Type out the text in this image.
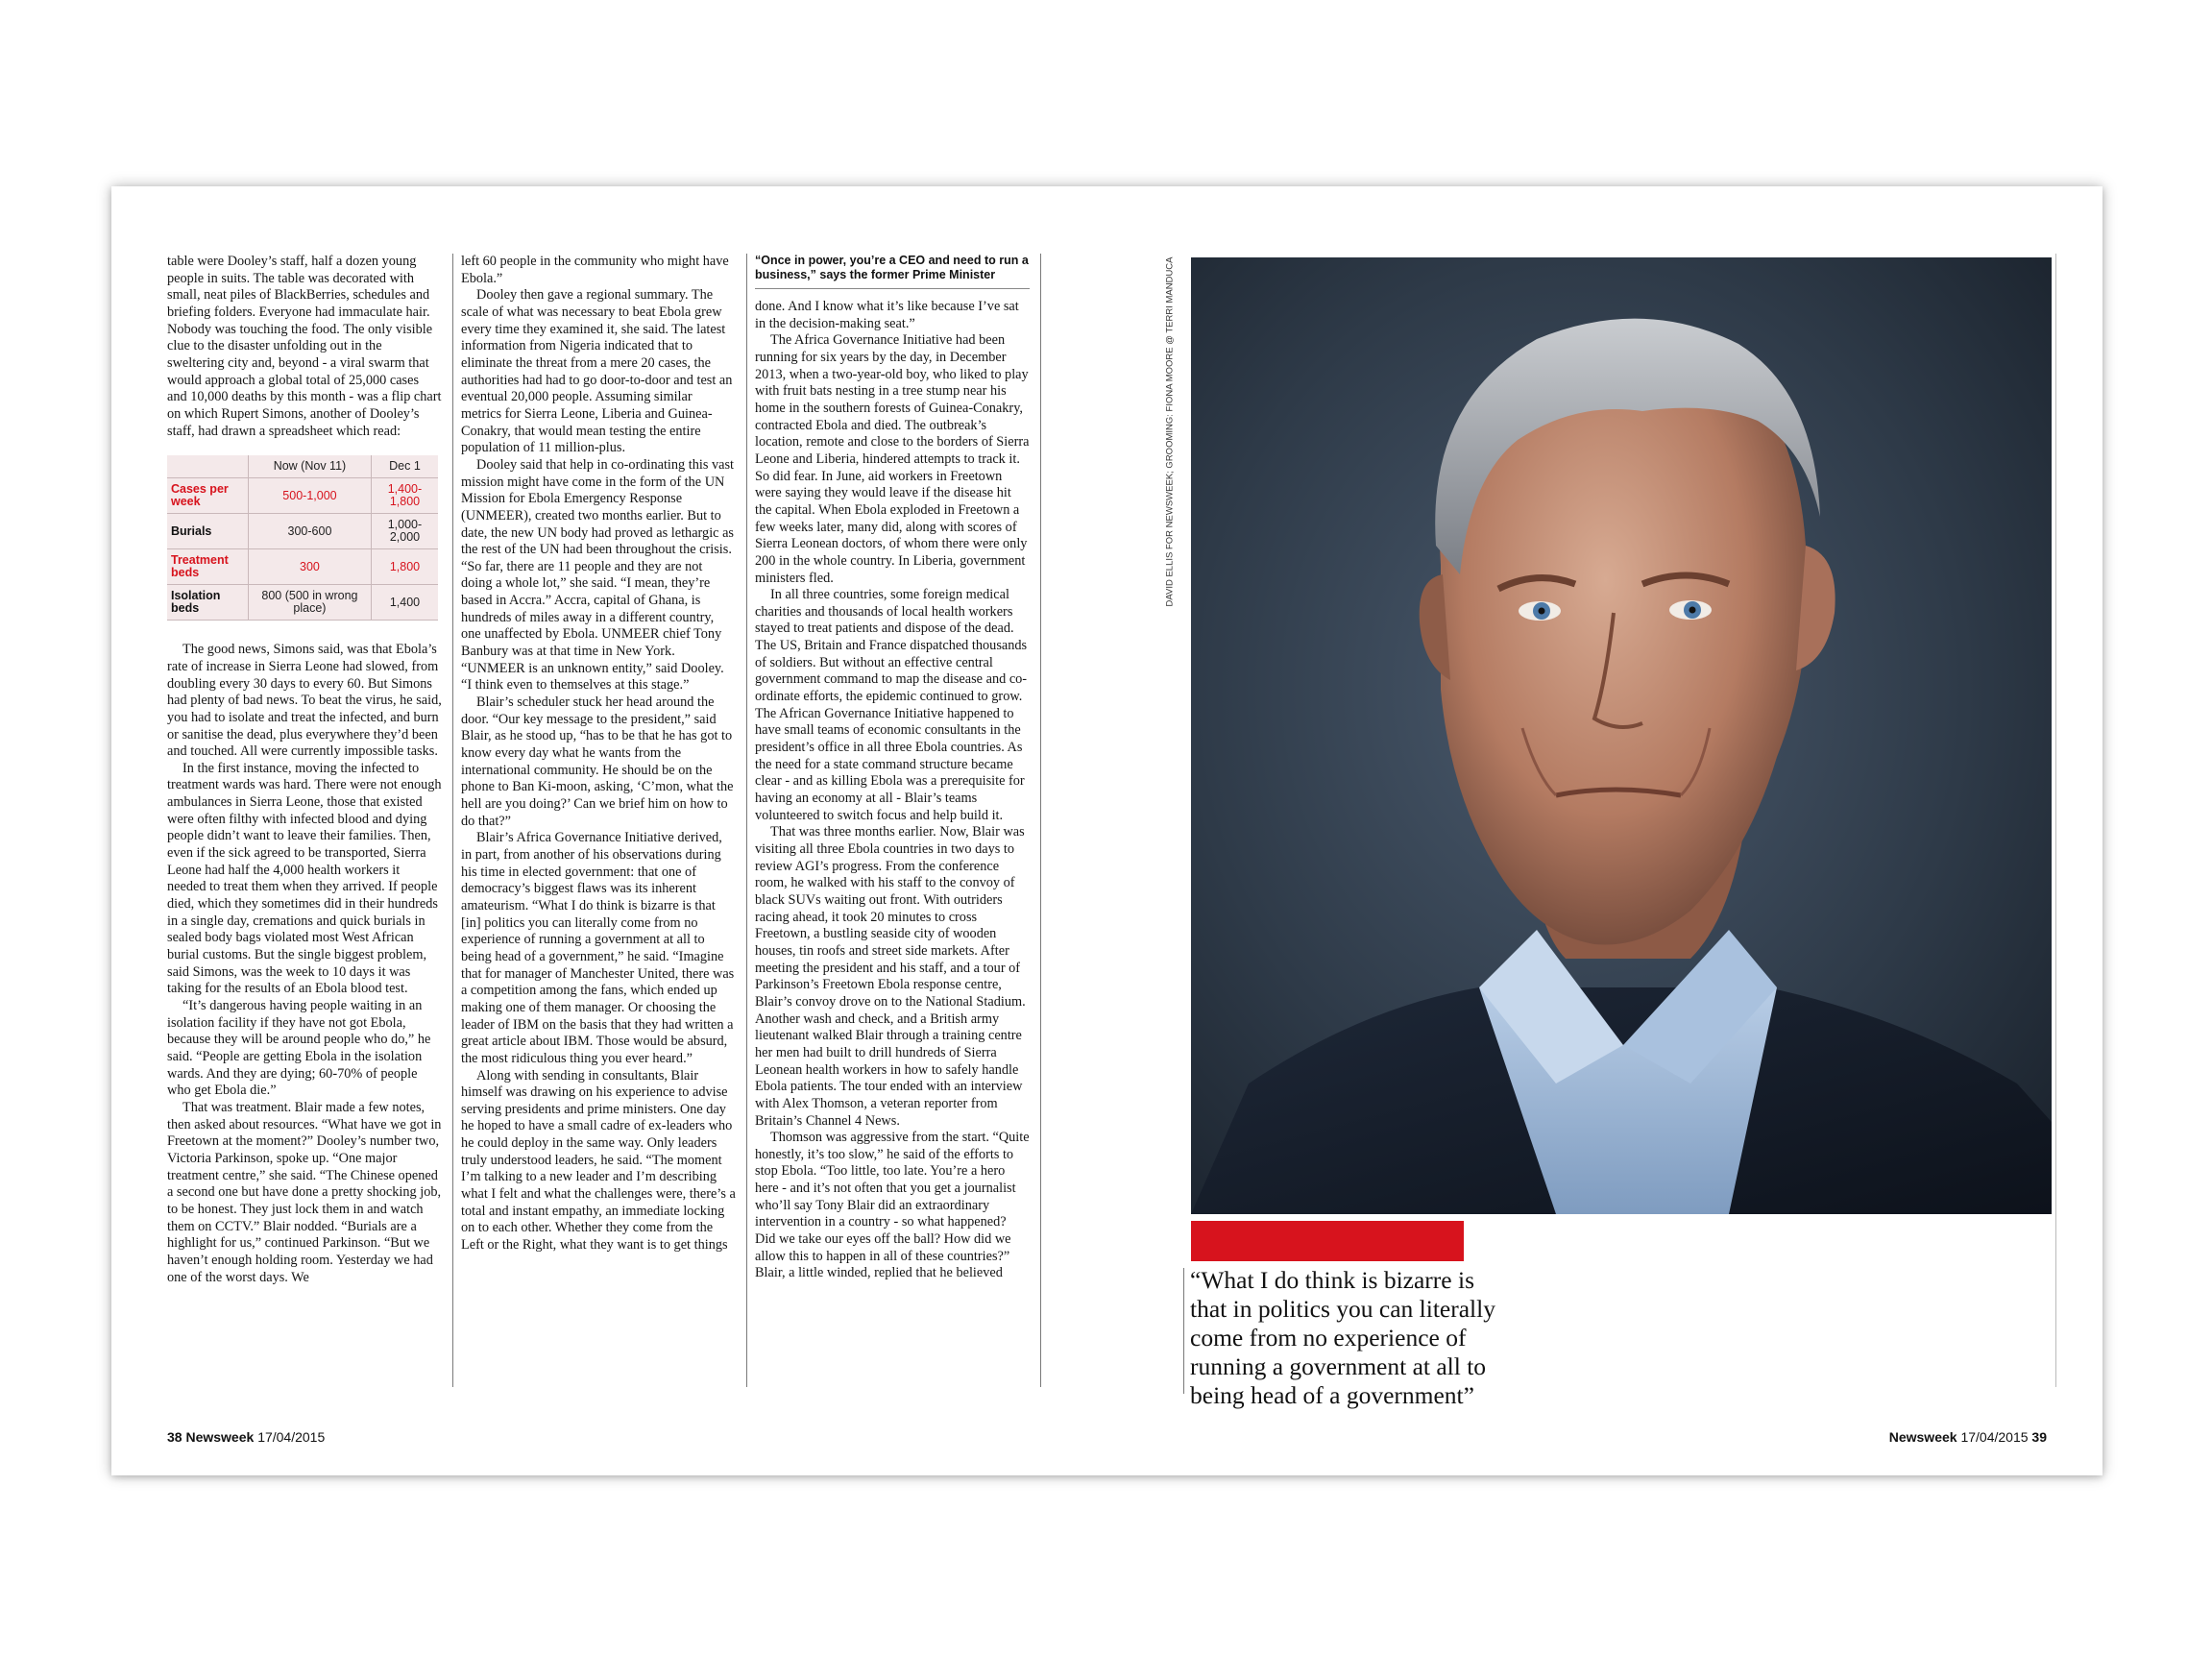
table were Dooley’s staff, half a dozen young people in suits. The table was decorated with small, neat piles of BlackBerries, schedules and briefing folders. Everyone had immaculate hair. Nobody was touching the food. The only visible clue to the disaster unfolding out in the sweltering city and, beyond - a viral swarm that would approach a global total of 25,000 cases and 10,000 deaths by this month - was a flip chart on which Rupert Simons, another of Dooley’s staff, had drawn a spreadsheet which read:

	Now (Nov 11)	Dec 1
Cases per week	500-1,000	1,400-1,800
Burials	300-600	1,000-2,000
Treatment beds	300	1,800
Isolation beds	800 (500 in wrong place)	1,400

The good news, Simons said, was that Ebola’s rate of increase in Sierra Leone had slowed, from doubling every 30 days to every 60. But Simons had plenty of bad news. To beat the virus, he said, you had to isolate and treat the infected, and burn or sanitise the dead, plus everywhere they’d been and touched. All were currently impossible tasks.

In the first instance, moving the infected to treatment wards was hard. There were not enough ambulances in Sierra Leone, those that existed were often filthy with infected blood and dying people didn’t want to leave their families. Then, even if the sick agreed to be transported, Sierra Leone had half the 4,000 health workers it needed to treat them when they arrived. If people died, which they sometimes did in their hundreds in a single day, cremations and quick burials in sealed body bags violated most West African burial customs. But the single biggest problem, said Simons, was the week to 10 days it was taking for the results of an Ebola blood test.

“It’s dangerous having people waiting in an isolation facility if they have not got Ebola, because they will be around people who do,” he said. “People are getting Ebola in the isolation wards. And they are dying; 60-70% of people who get Ebola die.”

That was treatment. Blair made a few notes, then asked about resources. “What have we got in Freetown at the moment?” Dooley’s number two, Victoria Parkinson, spoke up. “One major treatment centre,” she said. “The Chinese opened a second one but have done a pretty shocking job, to be honest. They just lock them in and watch them on CCTV.” Blair nodded. “Burials are a highlight for us,” continued Parkinson. “But we haven’t enough holding room. Yesterday we had one of the worst days. We

left 60 people in the community who might have Ebola.”

Dooley then gave a regional summary. The scale of what was necessary to beat Ebola grew every time they examined it, she said. The latest information from Nigeria indicated that to eliminate the threat from a mere 20 cases, the authorities had had to go door-to-door and test an eventual 20,000 people. Assuming similar metrics for Sierra Leone, Liberia and Guinea-Conakry, that would mean testing the entire population of 11 million-plus.

Dooley said that help in co-ordinating this vast mission might have come in the form of the UN Mission for Ebola Emergency Response (UNMEER), created two months earlier. But to date, the new UN body had proved as lethargic as the rest of the UN had been throughout the crisis. “So far, there are 11 people and they are not doing a whole lot,” she said. “I mean, they’re based in Accra.” Accra, capital of Ghana, is hundreds of miles away in a different country, one unaffected by Ebola. UNMEER chief Tony Banbury was at that time in New York. “UNMEER is an unknown entity,” said Dooley. “I think even to themselves at this stage.”

Blair’s scheduler stuck her head around the door. “Our key message to the president,” said Blair, as he stood up, “has to be that he has got to know every day what he wants from the international community. He should be on the phone to Ban Ki-moon, asking, ‘C’mon, what the hell are you doing?’ Can we brief him on how to do that?”

Blair’s Africa Governance Initiative derived, in part, from another of his observations during his time in elected government: that one of democracy’s biggest flaws was its inherent amateurism. “What I do think is bizarre is that [in] politics you can literally come from no experience of running a government at all to being head of a government,” he said. “Imagine that for manager of Manchester United, there was a competition among the fans, which ended up making one of them manager. Or choosing the leader of IBM on the basis that they had written a great article about IBM. Those would be absurd, the most ridiculous thing you ever heard.”

Along with sending in consultants, Blair himself was drawing on his experience to advise serving presidents and prime ministers. One day he hoped to have a small cadre of ex-leaders who he could deploy in the same way. Only leaders truly understood leaders, he said. “The moment I’m talking to a new leader and I’m describing what I felt and what the challenges were, there’s a total and instant empathy, an immediate locking on to each other. Whether they come from the Left or the Right, what they want is to get things

“Once in power, you’re a CEO and need to run a business,” says the former Prime Minister

done. And I know what it’s like because I’ve sat in the decision-making seat.”

The Africa Governance Initiative had been running for six years by the day, in December 2013, when a two-year-old boy, who liked to play with fruit bats nesting in a tree stump near his home in the southern forests of Guinea-Conakry, contracted Ebola and died. The outbreak’s location, remote and close to the borders of Sierra Leone and Liberia, hindered attempts to track it. So did fear. In June, aid workers in Freetown were saying they would leave if the disease hit the capital. When Ebola exploded in Freetown a few weeks later, many did, along with scores of Sierra Leonean doctors, of whom there were only 200 in the whole country. In Liberia, government ministers fled.

In all three countries, some foreign medical charities and thousands of local health workers stayed to treat patients and dispose of the dead. The US, Britain and France dispatched thousands of soldiers. But without an effective central government command to map the disease and co-ordinate efforts, the epidemic continued to grow. The African Governance Initiative happened to have small teams of economic consultants in the president’s office in all three Ebola countries. As the need for a state command structure became clear - and as killing Ebola was a prerequisite for having an economy at all - Blair’s teams volunteered to switch focus and help build it.

That was three months earlier. Now, Blair was visiting all three Ebola countries in two days to review AGI’s progress. From the conference room, he walked with his staff to the convoy of black SUVs waiting out front. With outriders racing ahead, it took 20 minutes to cross Freetown, a bustling seaside city of wooden houses, tin roofs and street side markets. After meeting the president and his staff, and a tour of Parkinson’s Freetown Ebola response centre, Blair’s convoy drove on to the National Stadium. Another wash and check, and a British army lieutenant walked Blair through a training centre her men had built to drill hundreds of Sierra Leonean health workers in how to safely handle Ebola patients. The tour ended with an interview with Alex Thomson, a veteran reporter from Britain’s Channel 4 News.

Thomson was aggressive from the start. “Quite honestly, it’s too slow,” he said of the efforts to stop Ebola. “Too little, too late. You’re a hero here - and it’s not often that you get a journalist who’ll say Tony Blair did an extraordinary intervention in a country - so what happened? Did we take our eyes off the ball? How did we allow this to happen in all of these countries?” Blair, a little winded, replied that he believed

DAVID ELLIS FOR NEWSWEEK; GROOMING: FIONA MOORE @ TERRI MANDUCA
“What I do think is bizarre is that in politics you can literally come from no experience of running a government at all to being head of a government”
38 Newsweek 17/04/2015	Newsweek 17/04/2015 39
